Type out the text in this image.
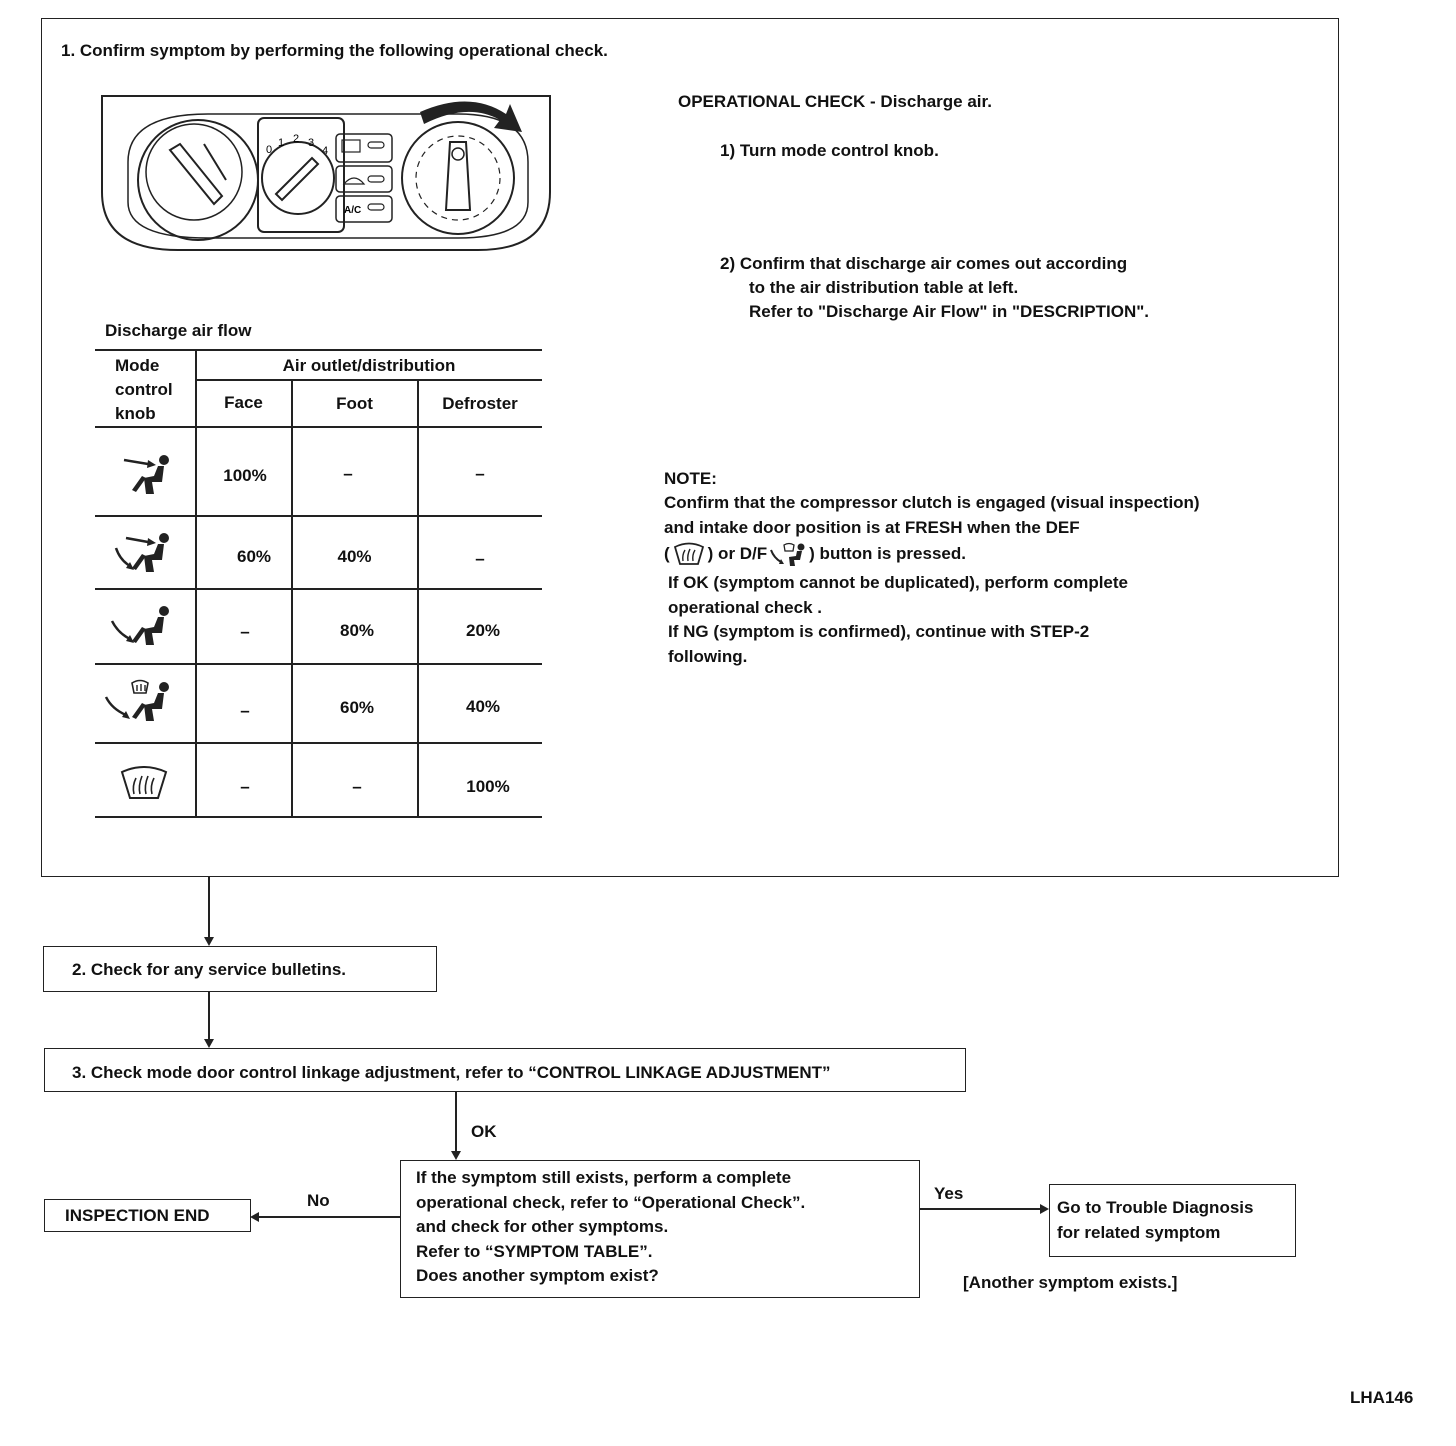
1. Confirm symptom by performing the following operational check.
0
1 2 3
4
A/C
OPERATIONAL CHECK - Discharge air.
1) Turn mode control knob.
2) Confirm that discharge air comes out according
to the air distribution table at left.
Refer to "Discharge Air Flow" in "DESCRIPTION".
Discharge air flow
Mode
control
knob
Air outlet/distribution
Face	Foot	Defroster
100%	–	–
60%	40%	–
–	80%	20%
–	60%	40%
–	–	100%
NOTE:
Confirm that the compressor clutch is engaged (visual inspection)
and intake door position is at FRESH when the DEF
( ) or D/F ) button is pressed.
If OK (symptom cannot be duplicated), perform complete
operational check .
If NG (symptom is confirmed), continue with STEP-2
following.
2. Check for any service bulletins.
3. Check mode door control linkage adjustment, refer to “CONTROL LINKAGE ADJUSTMENT”
OK
If the symptom still exists, perform a complete
operational check, refer to “Operational Check”.
and check for other symptoms.
Refer to “SYMPTOM TABLE”.
Does another symptom exist?
No
INSPECTION END
Yes
Go to Trouble Diagnosis
for related symptom
[Another symptom exists.]
LHA146
